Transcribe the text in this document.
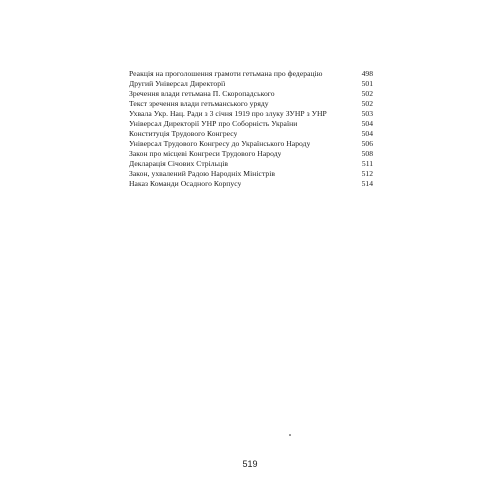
Реакція на проголошення грамоти гетьмана про федерацію	498
Другий Універсал Директорії	501
Зречення влади гетьмана П. Скоропадського	502
Текст зречення влади гетьманського уряду	502
Ухвала Укр. Нац. Ради з 3 січня 1919 про злуку ЗУНР з УНР	503
Універсал Директорії УНР про Соборність України	504
Конституція Трудового Конгресу	504
Універсал Трудового Конгресу до Українського Народу	506
Закон про місцеві Конгреси Трудового Народу	508
Декларація Січових Стрільців	511
Закон, ухвалений Радою Народніх Міністрів	512
Наказ Команди Осадного Корпусу	514
519
